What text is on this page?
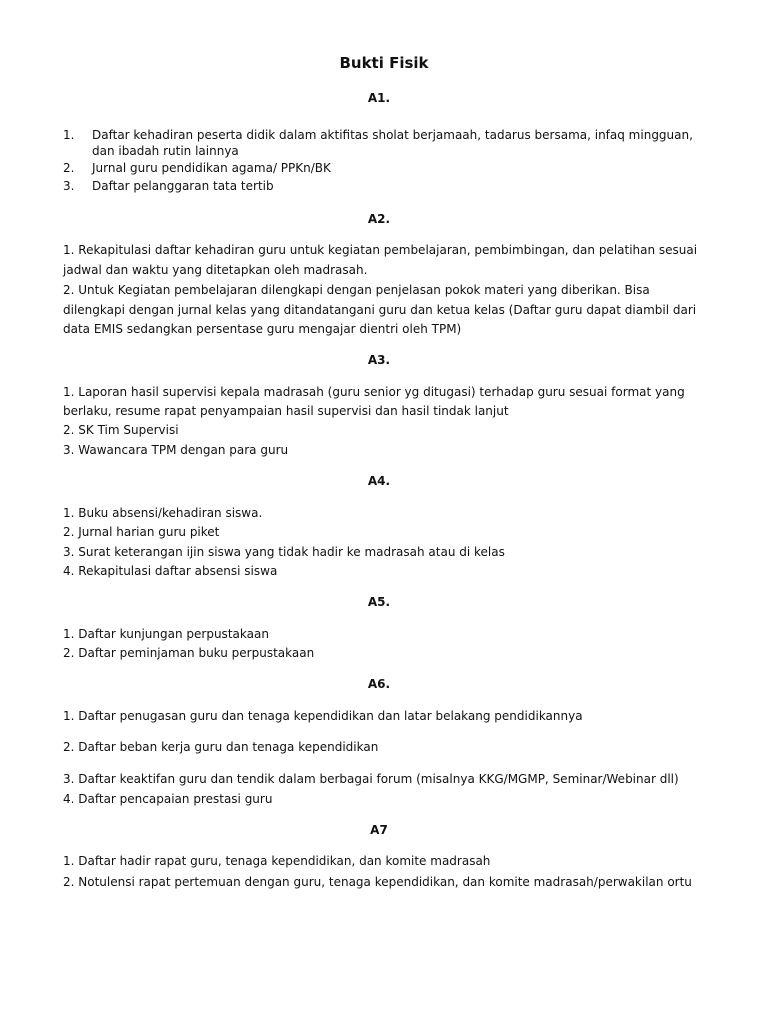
Bukti Fisik
A1.
1. Daftar kehadiran peserta didik dalam aktifitas sholat berjamaah, tadarus bersama, infaq mingguan,
dan ibadah rutin lainnya
2. Jurnal guru pendidikan agama/ PPKn/BK
3. Daftar pelanggaran tata tertib
A2.
1. Rekapitulasi daftar kehadiran guru untuk kegiatan pembelajaran, pembimbingan, dan pelatihan sesuai
jadwal dan waktu yang ditetapkan oleh madrasah.
2. Untuk Kegiatan pembelajaran dilengkapi dengan penjelasan pokok materi yang diberikan. Bisa
dilengkapi dengan jurnal kelas yang ditandatangani guru dan ketua kelas (Daftar guru dapat diambil dari
data EMIS sedangkan persentase guru mengajar dientri oleh TPM)
A3.
1. Laporan hasil supervisi kepala madrasah (guru senior yg ditugasi) terhadap guru sesuai format yang
berlaku, resume rapat penyampaian hasil supervisi dan hasil tindak lanjut
2. SK Tim Supervisi
3. Wawancara TPM dengan para guru
A4.
1. Buku absensi/kehadiran siswa.
2. Jurnal harian guru piket
3. Surat keterangan ijin siswa yang tidak hadir ke madrasah atau di kelas
4. Rekapitulasi daftar absensi siswa
A5.
1. Daftar kunjungan perpustakaan
2. Daftar peminjaman buku perpustakaan
A6.
1. Daftar penugasan guru dan tenaga kependidikan dan latar belakang pendidikannya
2. Daftar beban kerja guru dan tenaga kependidikan
3. Daftar keaktifan guru dan tendik dalam berbagai forum (misalnya KKG/MGMP, Seminar/Webinar dll)
4. Daftar pencapaian prestasi guru
A7
1. Daftar hadir rapat guru, tenaga kependidikan, dan komite madrasah
2. Notulensi rapat pertemuan dengan guru, tenaga kependidikan, dan komite madrasah/perwakilan ortu
